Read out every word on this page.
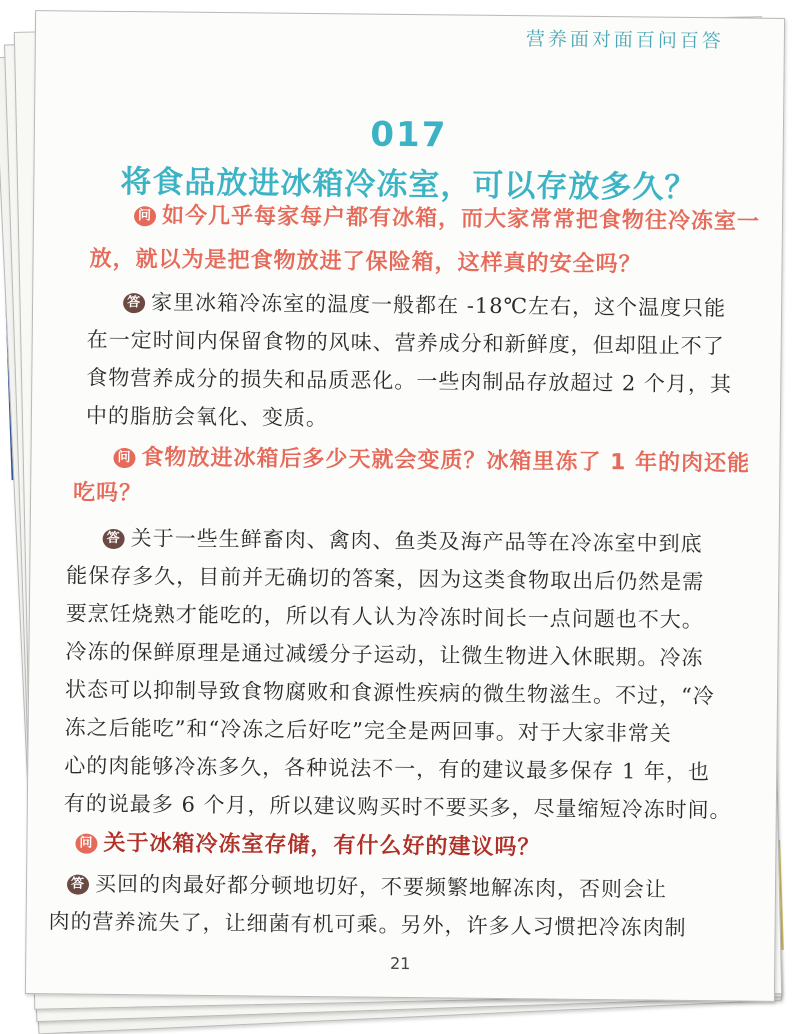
营养面对面百问百答
017
将食品放进冰箱冷冻室，可以存放多久？
问 如今几乎每家每户都有冰箱，而大家常常把食物往冷冻室一
放，就以为是把食物放进了保险箱，这样真的安全吗？
答 家里冰箱冷冻室的温度一般都在 -18℃左右，这个温度只能
在一定时间内保留食物的风味、营养成分和新鲜度，但却阻止不了
食物营养成分的损失和品质恶化。一些肉制品存放超过 2 个月，其
中的脂肪会氧化、变质。
问 食物放进冰箱后多少天就会变质？冰箱里冻了 1 年的肉还能
吃吗？
答 关于一些生鲜畜肉、禽肉、鱼类及海产品等在冷冻室中到底
能保存多久，目前并无确切的答案，因为这类食物取出后仍然是需
要烹饪烧熟才能吃的，所以有人认为冷冻时间长一点问题也不大。
冷冻的保鲜原理是通过减缓分子运动，让微生物进入休眠期。冷冻
状态可以抑制导致食物腐败和食源性疾病的微生物滋生。不过，“冷
冻之后能吃”和“冷冻之后好吃”完全是两回事。对于大家非常关
心的肉能够冷冻多久，各种说法不一，有的建议最多保存 1 年，也
有的说最多 6 个月，所以建议购买时不要买多，尽量缩短冷冻时间。
问 关于冰箱冷冻室存储，有什么好的建议吗？
答 买回的肉最好都分顿地切好，不要频繁地解冻肉，否则会让
肉的营养流失了，让细菌有机可乘。另外，许多人习惯把冷冻肉制
21
